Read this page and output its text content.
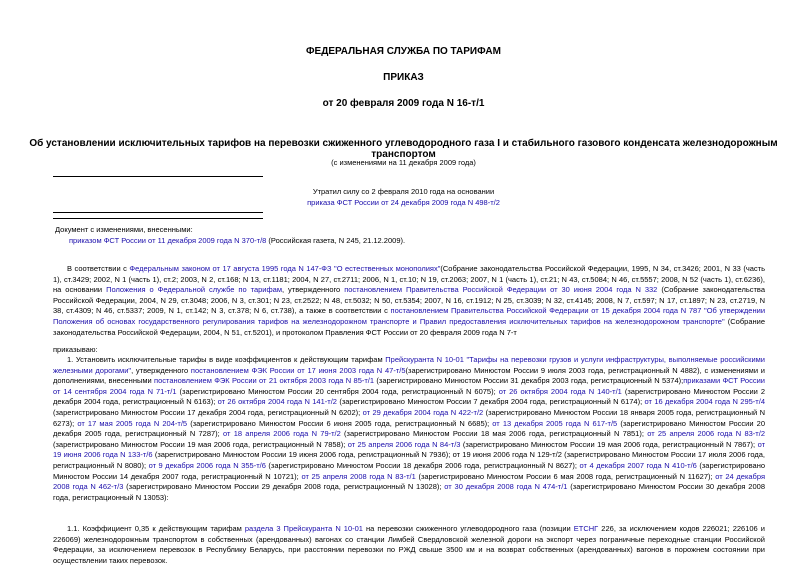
ФЕДЕРАЛЬНАЯ СЛУЖБА ПО ТАРИФАМ
ПРИКАЗ
от 20 февраля 2009 года N 16-т/1
Об установлении исключительных тарифов на перевозки сжиженного углеводородного газа I и стабильного газового конденсата железнодорожным транспортом
(с изменениями на 11 декабря 2009 года)
Утратил силу со 2 февраля 2010 года на основании
приказа ФСТ России от 24 декабря 2009 года N 498-т/2
Документ с изменениями, внесенными:
приказом ФСТ России от 11 декабря 2009 года N 370-т/8 (Российская газета, N 245, 21.12.2009).
В соответствии с Федеральным законом от 17 августа 1995 года N 147-ФЗ "О естественных монополиях"(Собрание законодательства Российской Федерации, 1995, N 34, ст.3426; 2001, N 33 (часть 1), ст.3429; 2002, N 1 (часть 1), ст.2; 2003, N 2, ст.168; N 13, ст.1181; 2004, N 27, ст.2711; 2006, N 1, ст.10; N 19, ст.2063; 2007, N 1 (часть 1), ст.21; N 43, ст.5084; N 46, ст.5557; 2008, N 52 (часть 1), ст.6236), на основании Положения о Федеральной службе по тарифам, утвержденного постановлением Правительства Российской Федерации от 30 июня 2004 года N 332 (Собрание законодательства Российской Федерации, 2004, N 29, ст.3048; 2006, N 3, ст.301; N 23, ст.2522; N 48, ст.5032; N 50, ст.5354; 2007, N 16, ст.1912; N 25, ст.3039; N 32, ст.4145; 2008, N 7, ст.597; N 17, ст.1897; N 23, ст.2719, N 38, ст.4309; N 46, ст.5337; 2009, N 1, ст.142; N 3, ст.378; N 6, ст.738), а также в соответствии с постановлением Правительства Российской Федерации от 15 декабря 2004 года N 787 "Об утверждении Положения об основах государственного регулирования тарифов на железнодорожном транспорте и Правил предоставления исключительных тарифов на железнодорожном транспорте" (Собрание законодательства Российской Федерации, 2004, N 51, ст.5201), и протоколом Правления ФСТ России от 20 февраля 2009 года N 7-т
приказываю:
1. Установить исключительные тарифы в виде коэффициентов к действующим тарифам Прейскуранта N 10-01 "Тарифы на перевозки грузов и услуги инфраструктуры, выполняемые российскими железными дорогами", утвержденного постановлением ФЭК России от 17 июня 2003 года N 47-т/5(зарегистрировано Минюстом России 9 июля 2003 года, регистрационный N 4882), с изменениями и дополнениями, внесенными постановлением ФЭК России от 21 октября 2003 года N 85-т/1 (зарегистрировано Минюстом России 31 декабря 2003 года, регистрационный N 5374);приказами ФСТ России от 14 сентября 2004 года N 71-т/1 (зарегистрировано Минюстом России 20 сентября 2004 года, регистрационный N 6075); от 26 октября 2004 года N 140-т/1 (зарегистрировано Минюстом России 2 декабря 2004 года, регистрационный N 6163); от 26 октября 2004 года N 141-т/2 (зарегистрировано Минюстом России 7 декабря 2004 года, регистрационный N 6174); от 16 декабря 2004 года N 295-т/4 (зарегистрировано Минюстом России 17 декабря 2004 года, регистрационный N 6202); от 29 декабря 2004 года N 422-т/2 (зарегистрировано Минюстом России 18 января 2005 года, регистрационный N 6273); от 17 мая 2005 года N 204-т/5 (зарегистрировано Минюстом России 6 июня 2005 года, регистрационный N 6685); от 13 декабря 2005 года N 617-т/5 (зарегистрировано Минюстом России 20 декабря 2005 года, регистрационный N 7287); от 18 апреля 2006 года N 79-т/2 (зарегистрировано Минюстом России 18 мая 2006 года, регистрационный N 7851); от 25 апреля 2006 года N 83-т/2 (зарегистрировано Минюстом России 19 мая 2006 года, регистрационный N 7858); от 25 апреля 2006 года N 84-т/3 (зарегистрировано Минюстом России 19 мая 2006 года, регистрационный N 7867); от 19 июня 2006 года N 133-т/6 (зарегистрировано Минюстом России 19 июня 2006 года, регистрационный N 7936); от 19 июня 2006 года N 129-т/2 (зарегистрировано Минюстом России 17 июля 2006 года, регистрационный N 8080); от 9 декабря 2006 года N 355-т/6 (зарегистрировано Минюстом России 18 декабря 2006 года, регистрационный N 8627); от 4 декабря 2007 года N 410-т/6 (зарегистрировано Минюстом России 14 декабря 2007 года, регистрационный N 10721); от 25 апреля 2008 года N 83-т/1 (зарегистрировано Минюстом России 6 мая 2008 года, регистрационный N 11627); от 24 декабря 2008 года N 462-т/3 (зарегистрировано Минюстом России 29 декабря 2008 года, регистрационный N 13028); от 30 декабря 2008 года N 474-т/1 (зарегистрировано Минюстом России 30 декабря 2008 года, регистрационный N 13053):
1.1. Коэффициент 0,35 к действующим тарифам раздела 3 Прейскуранта N 10-01 на перевозки сжиженного углеводородного газа (позиции ЕТСНГ 226, за исключением кодов 226021; 226106 и 226069) железнодорожным транспортом в собственных (арендованных) вагонах со станции Лимбей Свердловской железной дороги на экспорт через пограничные переходные станции Российской Федерации, за исключением перевозок в Республику Беларусь, при расстоянии перевозки по РЖД свыше 3500 км и на возврат собственных (арендованных) вагонов в порожнем состоянии при осуществлении таких перевозок.
